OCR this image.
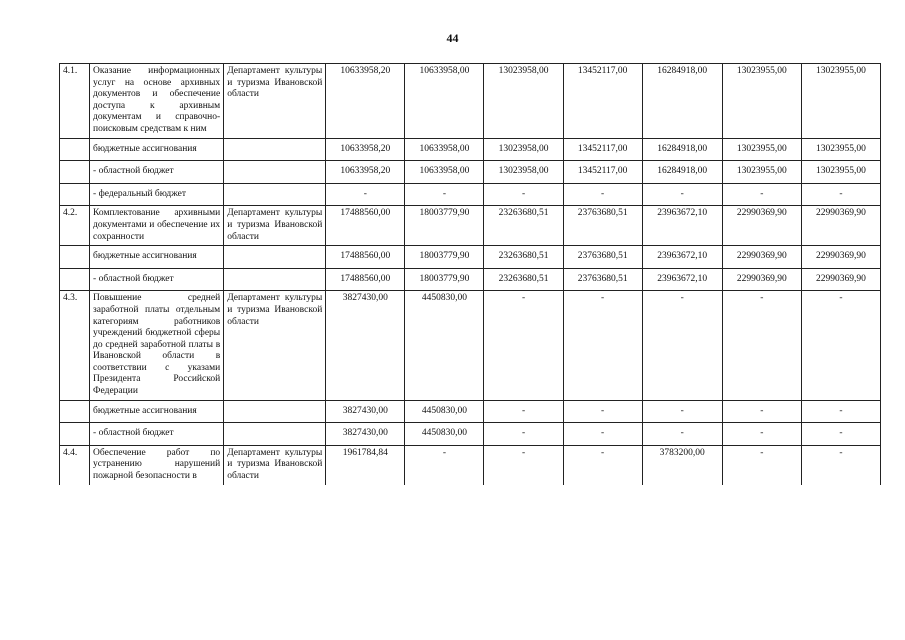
44
4.1.	Оказание информационных услуг на основе архивных документов и обеспечение доступа к архивным документам и справочно-поисковым средствам к ним	Департамент культуры и туризма Ивановской области	10633958,20	10633958,00	13023958,00	13452117,00	16284918,00	13023955,00	13023955,00
	бюджетные ассигнования		10633958,20	10633958,00	13023958,00	13452117,00	16284918,00	13023955,00	13023955,00
	- областной бюджет		10633958,20	10633958,00	13023958,00	13452117,00	16284918,00	13023955,00	13023955,00
	- федеральный бюджет		-	-	-	-	-	-	-
4.2.	Комплектование архивными документами и обеспечение их сохранности	Департамент культуры и туризма Ивановской области	17488560,00	18003779,90	23263680,51	23763680,51	23963672,10	22990369,90	22990369,90
	бюджетные ассигнования		17488560,00	18003779,90	23263680,51	23763680,51	23963672,10	22990369,90	22990369,90
	- областной бюджет		17488560,00	18003779,90	23263680,51	23763680,51	23963672,10	22990369,90	22990369,90
4.3.	Повышение средней заработной платы отдельным категориям работников учреждений бюджетной сферы до средней заработной платы в Ивановской области в соответствии с указами Президента Российской Федерации	Департамент культуры и туризма Ивановской области	3827430,00	4450830,00	-	-	-	-	-
	бюджетные ассигнования		3827430,00	4450830,00	-	-	-	-	-
	- областной бюджет		3827430,00	4450830,00	-	-	-	-	-
4.4.	Обеспечение работ по устранению нарушений пожарной безопасности в	Департамент культуры и туризма Ивановской области	1961784,84	-	-	-	3783200,00	-	-
